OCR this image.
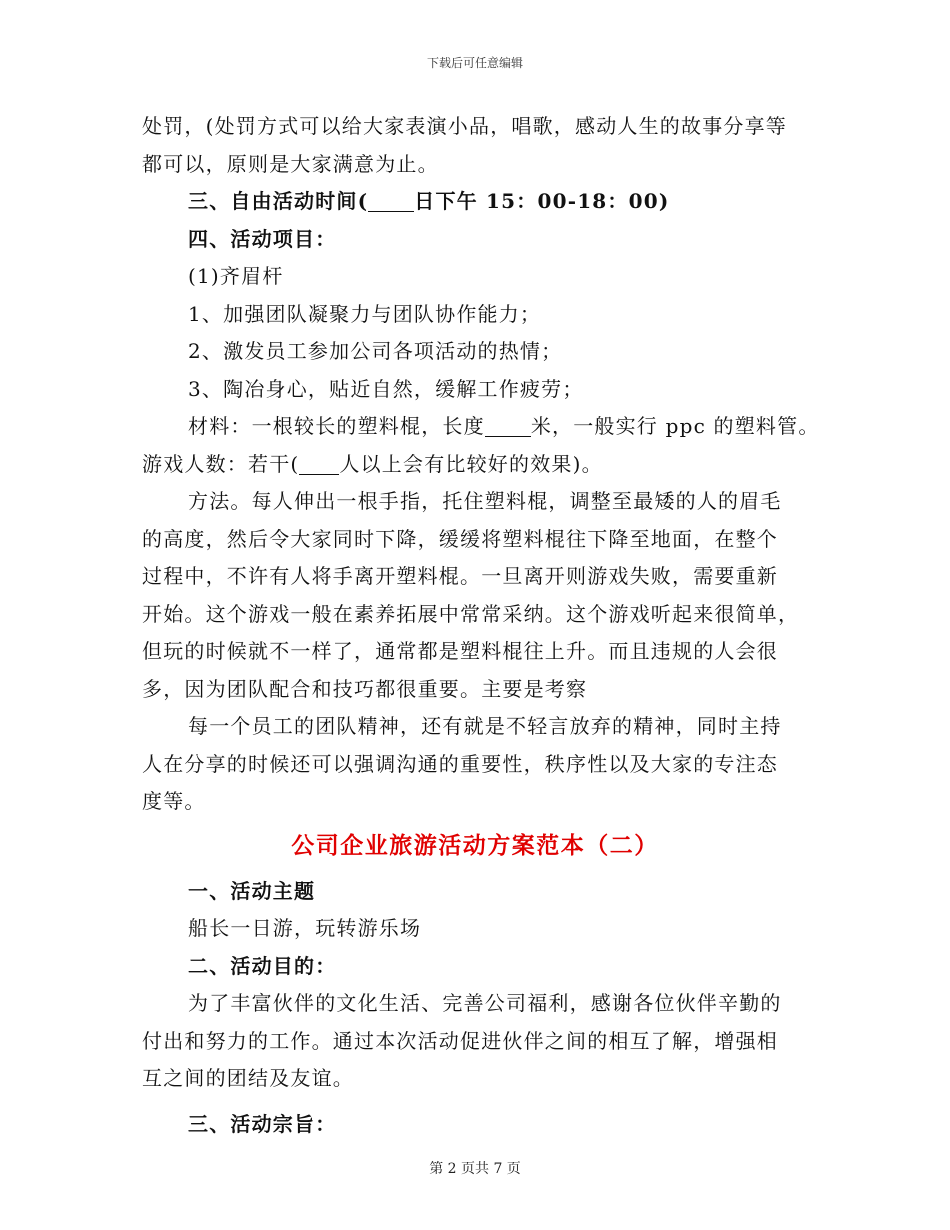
下载后可任意编辑
处罚，(处罚方式可以给大家表演小品，唱歌，感动人生的故事分享等
都可以，原则是大家满意为止。
三、自由活动时间( 日下午 15：00-18：00)
四、活动项目：
(1)齐眉杆
1、加强团队凝聚力与团队协作能力；
2、激发员工参加公司各项活动的热情；
3、陶冶身心，贴近自然，缓解工作疲劳；
材料：一根较长的塑料棍，长度 米，一般实行 ppc 的塑料管。
游戏人数：若干( 人以上会有比较好的效果)。
方法。每人伸出一根手指，托住塑料棍，调整至最矮的人的眉毛
的高度，然后令大家同时下降，缓缓将塑料棍往下降至地面，在整个
过程中，不许有人将手离开塑料棍。一旦离开则游戏失败，需要重新
开始。这个游戏一般在素养拓展中常常采纳。这个游戏听起来很简单，
但玩的时候就不一样了，通常都是塑料棍往上升。而且违规的人会很
多，因为团队配合和技巧都很重要。主要是考察
每一个员工的团队精神，还有就是不轻言放弃的精神，同时主持
人在分享的时候还可以强调沟通的重要性，秩序性以及大家的专注态
度等。
公司企业旅游活动方案范本（二）
一、活动主题
船长一日游，玩转游乐场
二、活动目的：
为了丰富伙伴的文化生活、完善公司福利，感谢各位伙伴辛勤的
付出和努力的工作。通过本次活动促进伙伴之间的相互了解，增强相
互之间的团结及友谊。
三、活动宗旨：
第 2 页共 7 页
